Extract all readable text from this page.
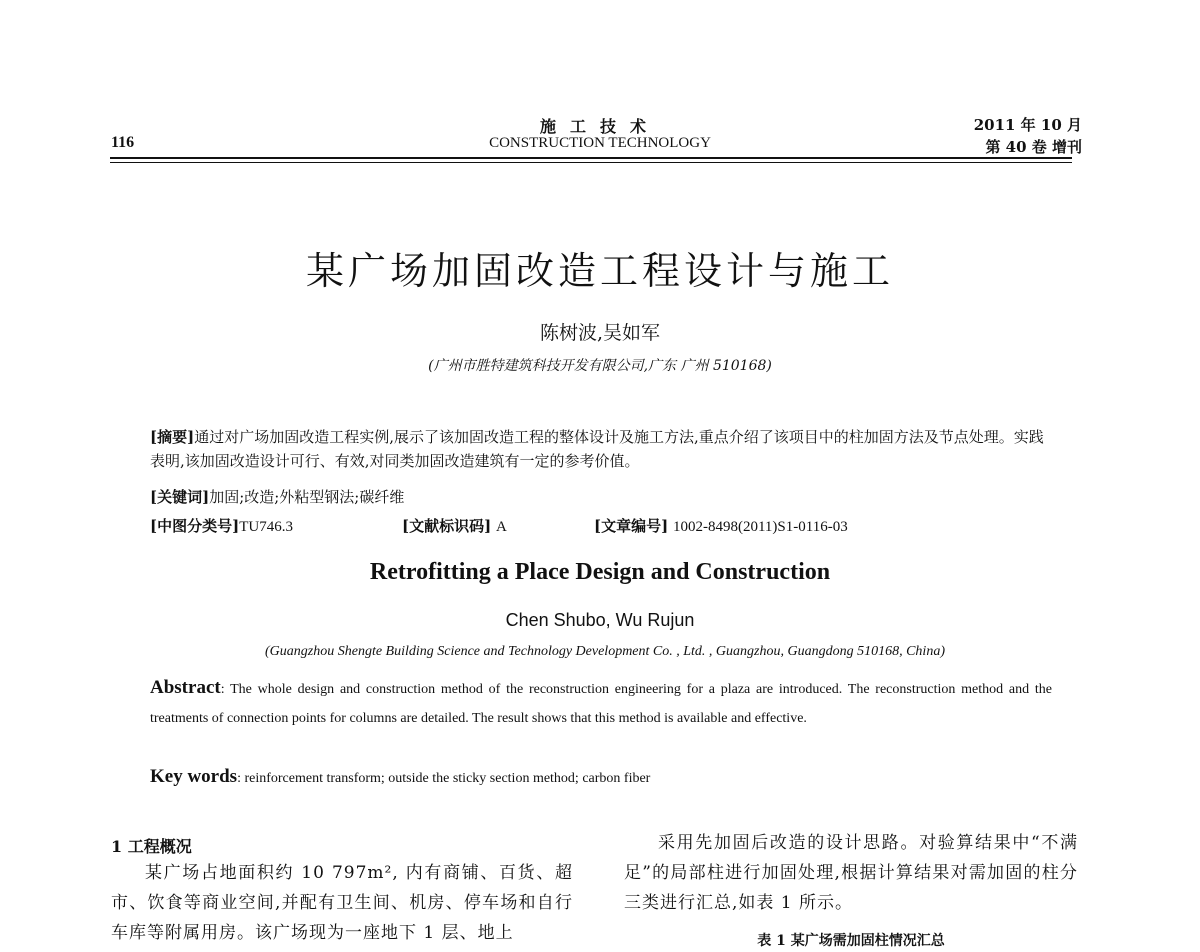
116
施工技术
CONSTRUCTION TECHNOLOGY
2011 年 10 月
第 40 卷 增刊
某广场加固改造工程设计与施工
陈树波,吴如军
(广州市胜特建筑科技开发有限公司,广东 广州 510168)
[摘要]通过对广场加固改造工程实例,展示了该加固改造工程的整体设计及施工方法,重点介绍了该项目中的柱加固方法及节点处理。实践表明,该加固改造设计可行、有效,对同类加固改造建筑有一定的参考价值。
[关键词]加固;改造;外粘型钢法;碳纤维
[中图分类号]TU746.3	[文献标识码] A	[文章编号] 1002-8498(2011)S1-0116-03
Retrofitting a Place Design and Construction
Chen Shubo, Wu Rujun
(Guangzhou Shengte Building Science and Technology Development Co. , Ltd. , Guangzhou, Guangdong 510168, China)
Abstract: The whole design and construction method of the reconstruction engineering for a plaza are introduced. The reconstruction method and the treatments of connection points for columns are detailed. The result shows that this method is available and effective.
Key words: reinforcement transform; outside the sticky section method; carbon fiber
1 工程概况
某广场占地面积约 10 797m², 内有商铺、百货、超市、饮食等商业空间,并配有卫生间、机房、停车场和自行车库等附属用房。该广场现为一座地下 1 层、地上
采用先加固后改造的设计思路。对验算结果中“不满足”的局部柱进行加固处理,根据计算结果对需加固的柱分三类进行汇总,如表 1 所示。
表 1 某广场需加固柱情况汇总
